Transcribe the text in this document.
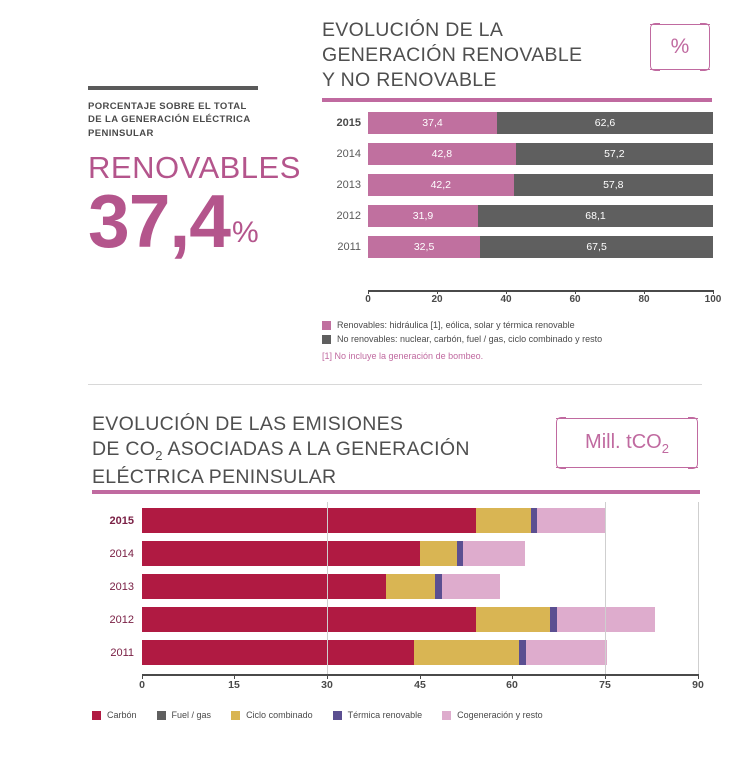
PORCENTAJE SOBRE EL TOTAL
DE LA GENERACIÓN ELÉCTRICA
PENINSULAR
RENOVABLES
37,4 %
EVOLUCIÓN DE LA
GENERACIÓN RENOVABLE
Y NO RENOVABLE
%
2015	37,4	62,6
2014	42,8	57,2
2013	42,2	57,8
2012	31,9	68,1
2011	32,5	67,5
0	20	40	60	80	100
Renovables: hidráulica [1], eólica, solar y térmica renovable
No renovables: nuclear, carbón, fuel / gas, ciclo combinado y resto
[1] No incluye la generación de bombeo.
EVOLUCIÓN DE LAS EMISIONES
DE $CO_2$ ASOCIADAS A LA GENERACIÓN
ELÉCTRICA PENINSULAR
Mill. tCO$_2$
2015
2014
2013
2012
2011
0	15	30	45	60	75	90
Carbón	Fuel / gas	Ciclo combinado	Térmica renovable	Cogeneración y resto
